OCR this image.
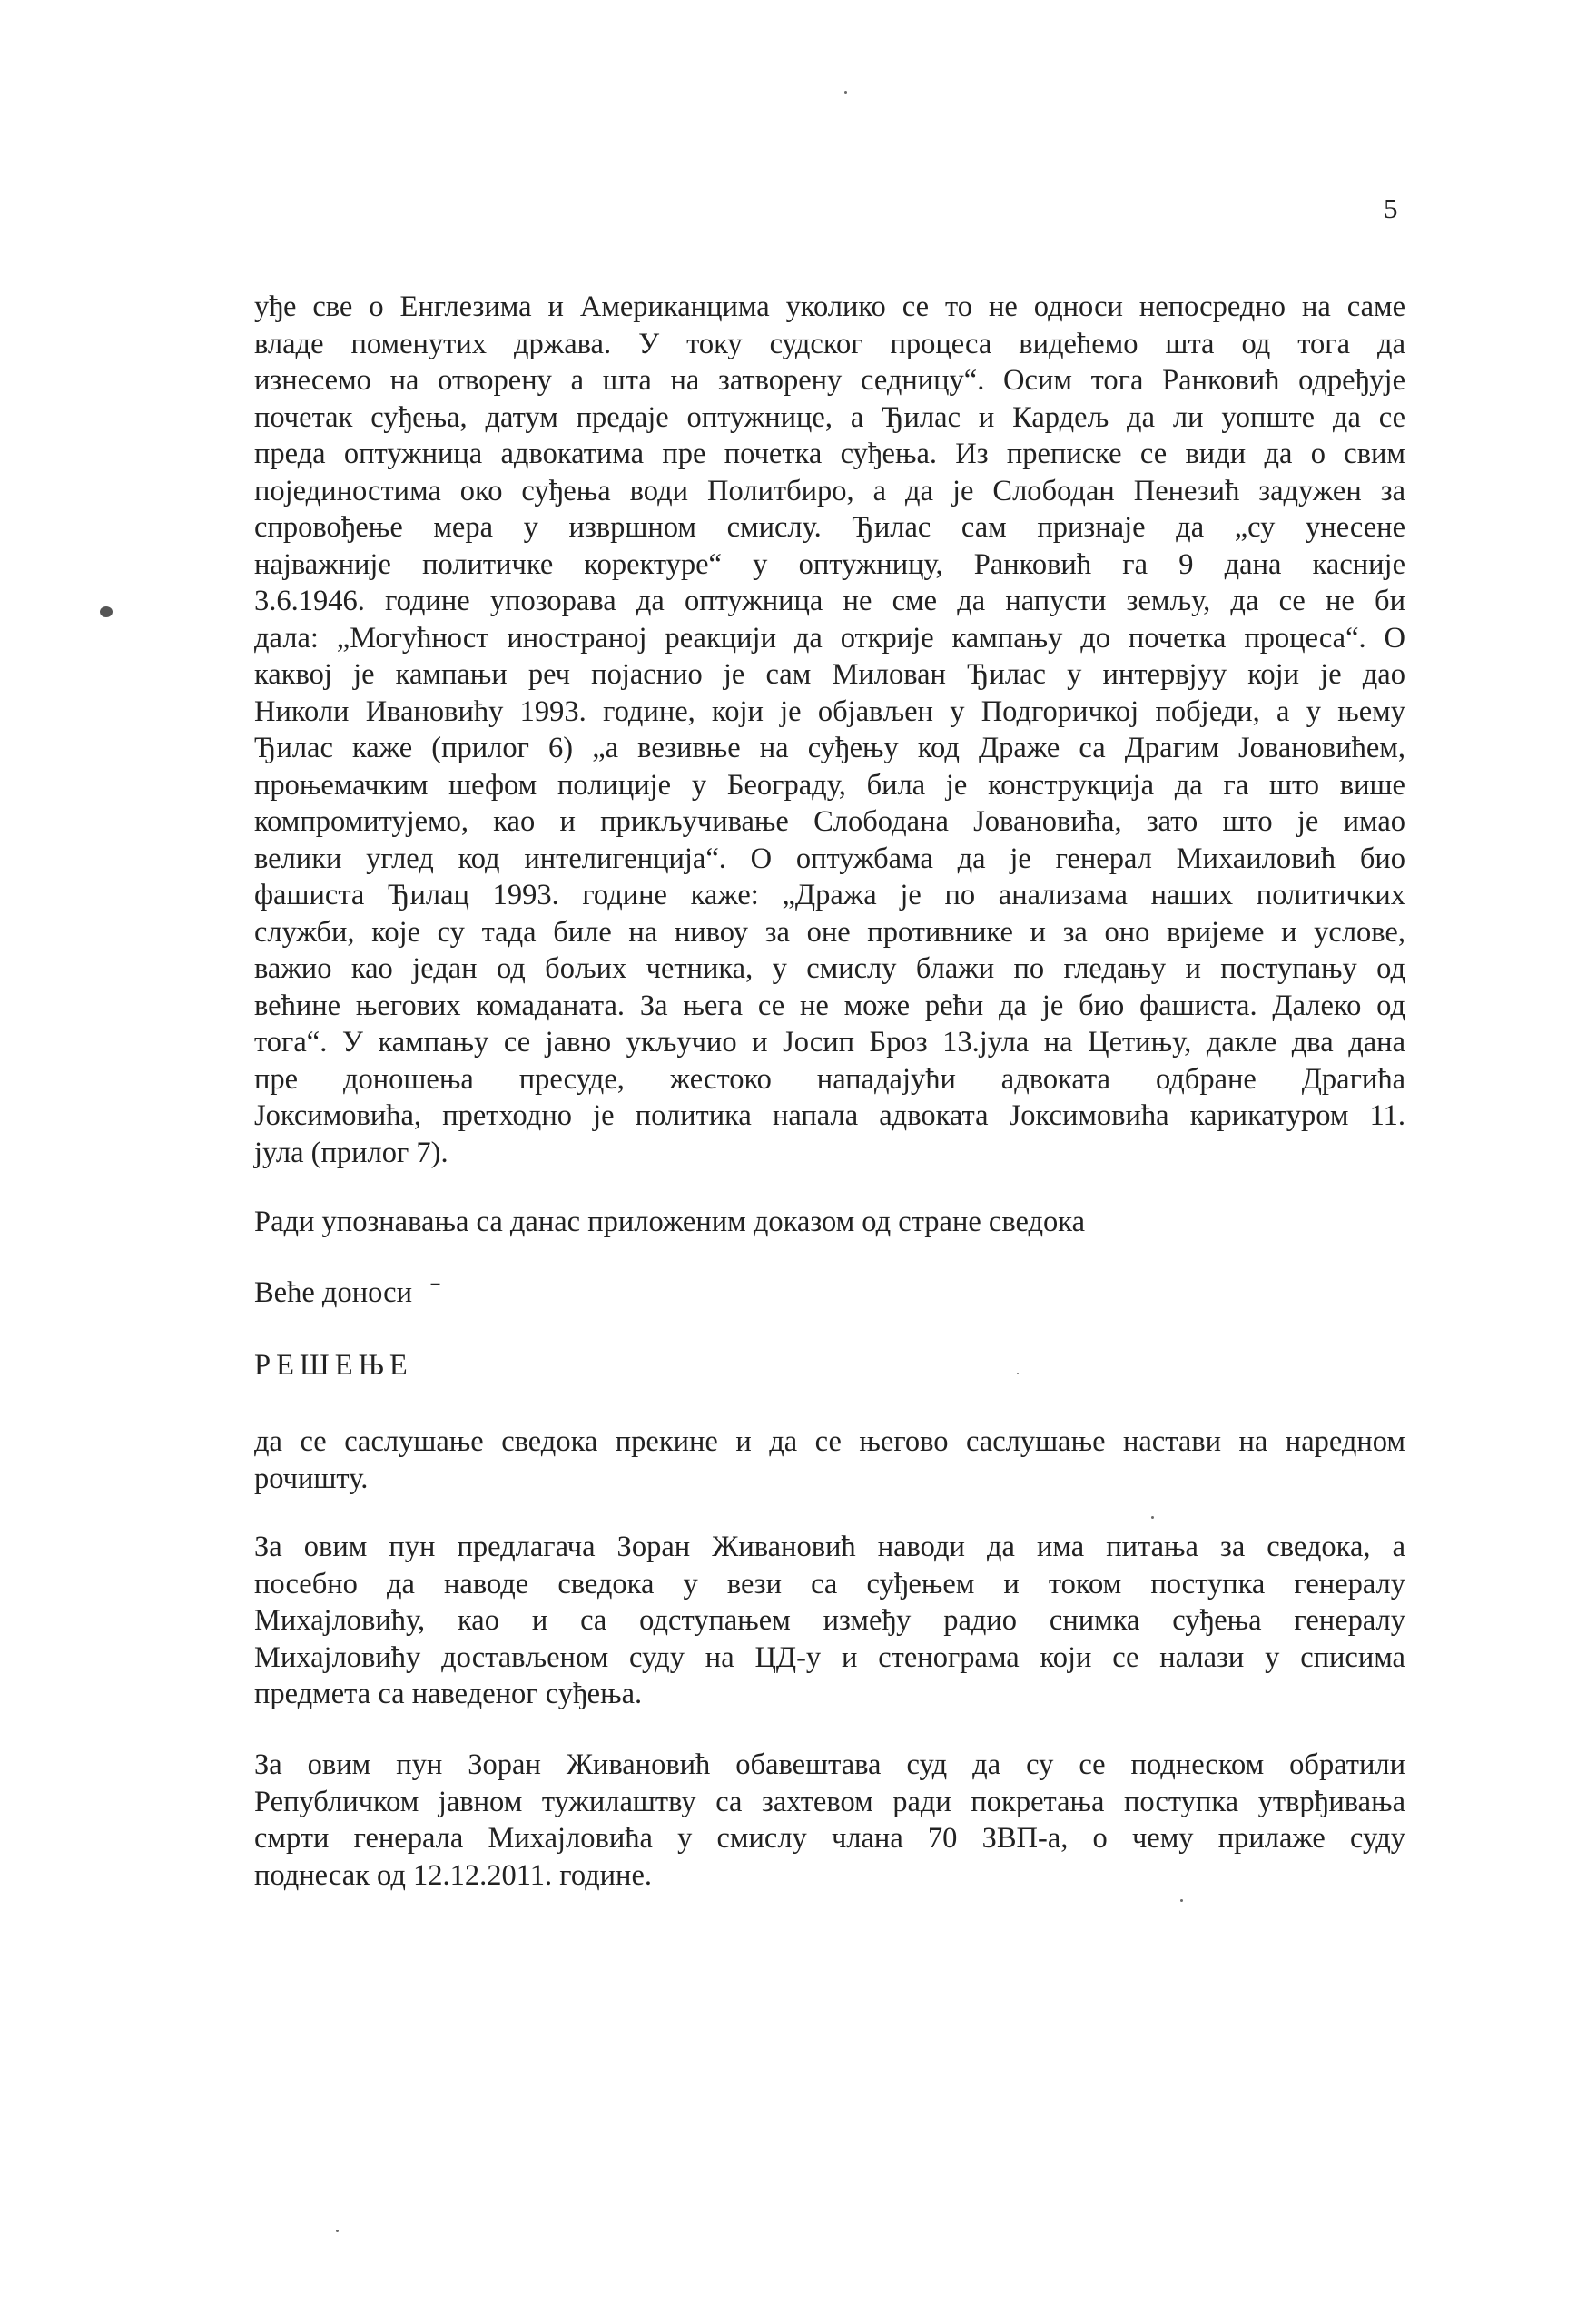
5
уђе све о Енглезима и Американцима уколико се то не односи непосредно на саме
владе поменутих држава. У току судског процеса видећемо шта од тога да
изнесемо на отворену а шта на затворену седницу“. Осим тога Ранковић одређује
почетак суђења, датум предаје оптужнице, а Ђилас и Кардељ да ли уопште да се
преда оптужница адвокатима пре почетка суђења. Из преписке се види да о свим
појединостима око суђења води Политбиро, а да је Слободан Пенезић задужен за
спровођење мера у извршном смислу. Ђилас сам признаје да „су унесене
најважније политичке коректуре“ у оптужницу, Ранковић га 9 дана касније
3.6.1946. године упозорава да оптужница не сме да напусти земљу, да се не би
дала: „Могућност иностраној реакцији да открије кампању до почетка процеса“. О
каквој је кампањи реч појаснио је сам Милован Ђилас у интервјуу који је дао
Николи Ивановићу 1993. године, који је објављен у Подгоричкој побједи, а у њему
Ђилас каже (прилог 6) „а везивње на суђењу код Драже са Драгим Јовановићем,
проњемачким шефом полиције у Београду, била је конструкција да га што више
компромитујемо, као и прикључивање Слободана Јовановића, зато што је имао
велики углед код интелигенција“. О оптужбама да је генерал Михаиловић био
фашиста Ђилац 1993. године каже: „Дража је по анализама наших политичких
служби, које су тада биле на нивоу за оне противнике и за оно вријеме и услове,
важио као један од бољих четника, у смислу блажи по гледању и поступању од
већине његових комаданата. За њега се не може рећи да је био фашиста. Далеко од
тога“. У кампању се јавно укључио и Јосип Броз 13.јула на Цетињу, дакле два дана
пре доношења пресуде, жестоко нападајући адвоката одбране Драгића
Јоксимовића, претходно је политика напала адвоката Јоксимовића карикатуром 11.
јула (прилог 7).
Ради упознавања са данас приложеним доказом од стране сведока
Веће доноси ˉ
РЕШЕЊЕ
да се саслушање сведока прекине и да се његово саслушање настави на наредном
рочишту.
За овим пун предлагача Зоран Живановић наводи да има питања за сведока, а
посебно да наводе сведока у вези са суђењем и током поступка генералу
Михајловићу, као и са одступањем између радио снимка суђења генералу
Михајловићу достављеном суду на ЦД-у и стенограма који се налази у списима
предмета са наведеног суђења.
За овим пун Зоран Живановић обавештава суд да су се поднеском обратили
Републичком јавном тужилаштву са захтевом ради покретања поступка утврђивања
смрти генерала Михајловића у смислу члана 70 ЗВП-а, о чему прилаже суду
поднесак од 12.12.2011. године.
